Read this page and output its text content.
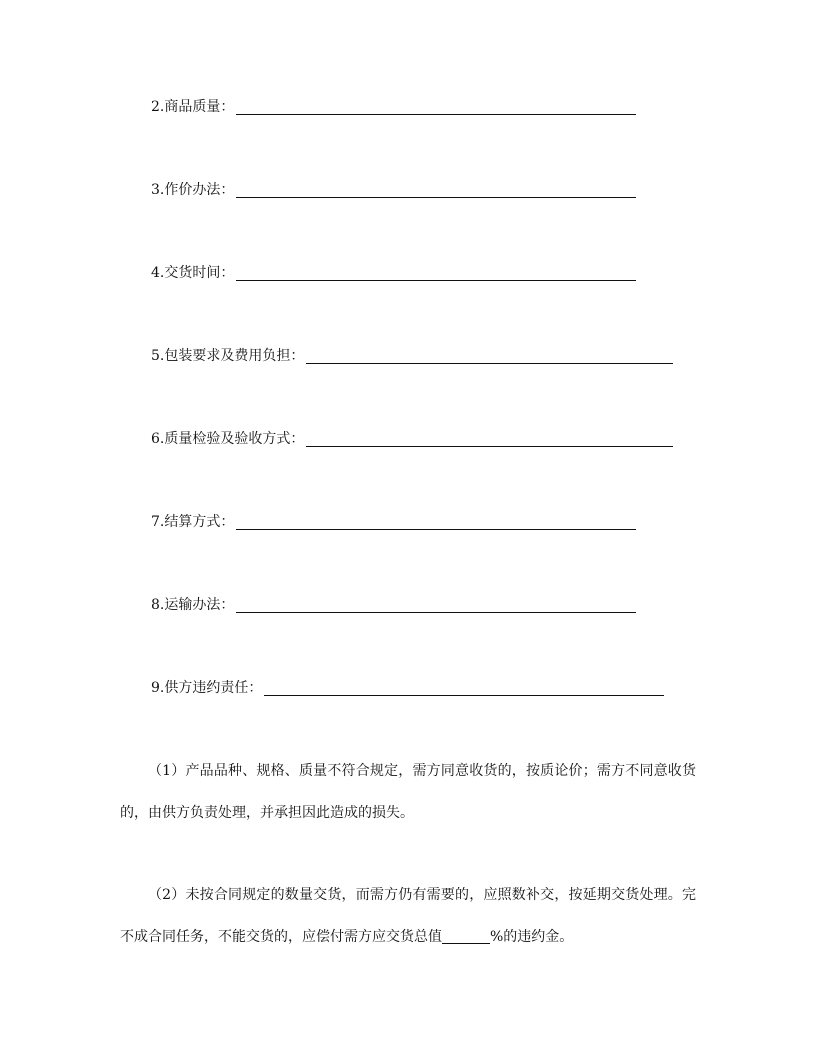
2.商品质量：
3.作价办法：
4.交货时间：
5.包装要求及费用负担：
6.质量检验及验收方式：
7.结算方式：
8.运输办法：
9.供方违约责任：

（1）产品品种、规格、质量不符合规定，需方同意收货的，按质论价；需方不同意收货的，由供方负责处理，并承担因此造成的损失。

（2）未按合同规定的数量交货，而需方仍有需要的，应照数补交，按延期交货处理。完不成合同任务，不能交货的，应偿付需方应交货总值	%的违约金。
